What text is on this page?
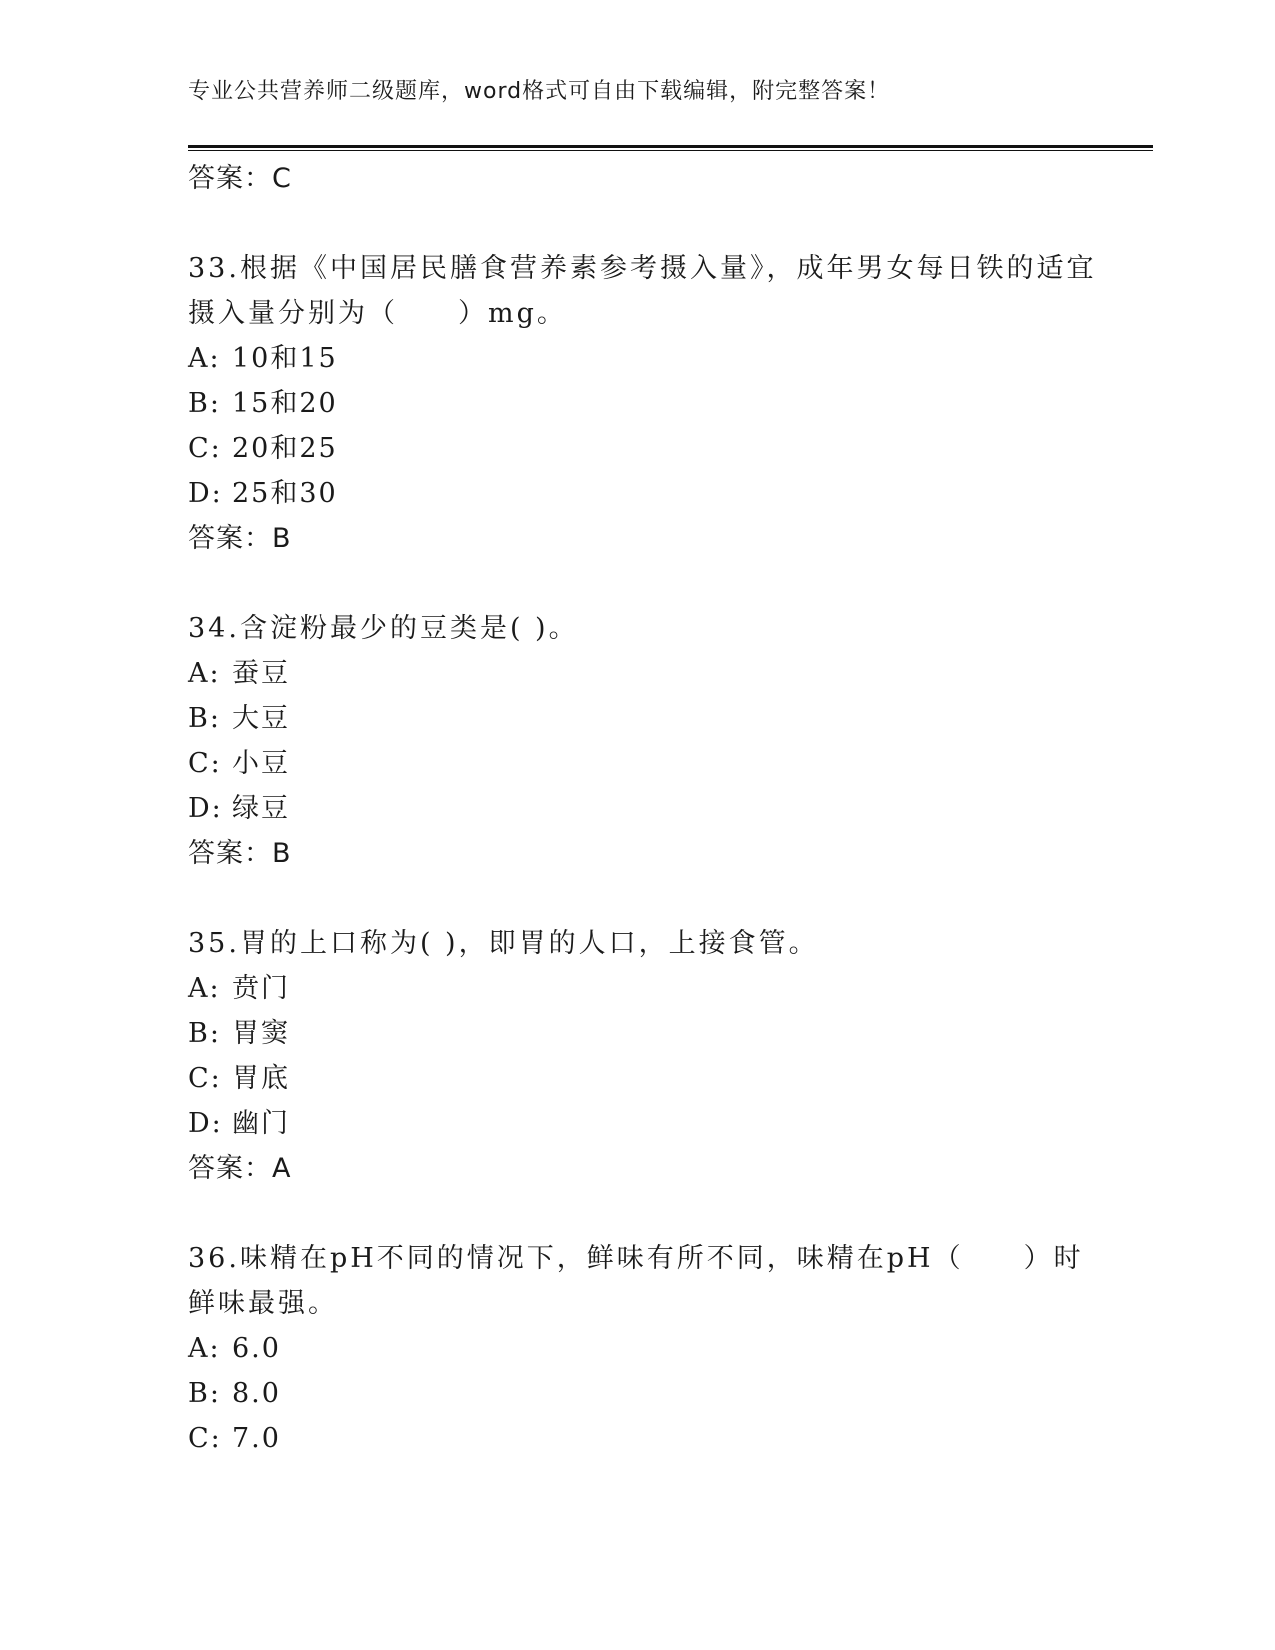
专业公共营养师二级题库，word格式可自由下载编辑，附完整答案！
答案：C
33.根据《中国居民膳食营养素参考摄入量》，成年男女每日铁的适宜摄入量分别为（　　）mg。
A: 10和15
B: 15和20
C: 20和25
D: 25和30
答案：B
34.含淀粉最少的豆类是( )。
A: 蚕豆
B: 大豆
C: 小豆
D: 绿豆
答案：B
35.胃的上口称为( )，即胃的人口，上接食管。
A: 贲门
B: 胃窦
C: 胃底
D: 幽门
答案：A
36.味精在pH不同的情况下，鲜味有所不同，味精在pH（　　）时鲜味最强。
A: 6.0
B: 8.0
C: 7.0
